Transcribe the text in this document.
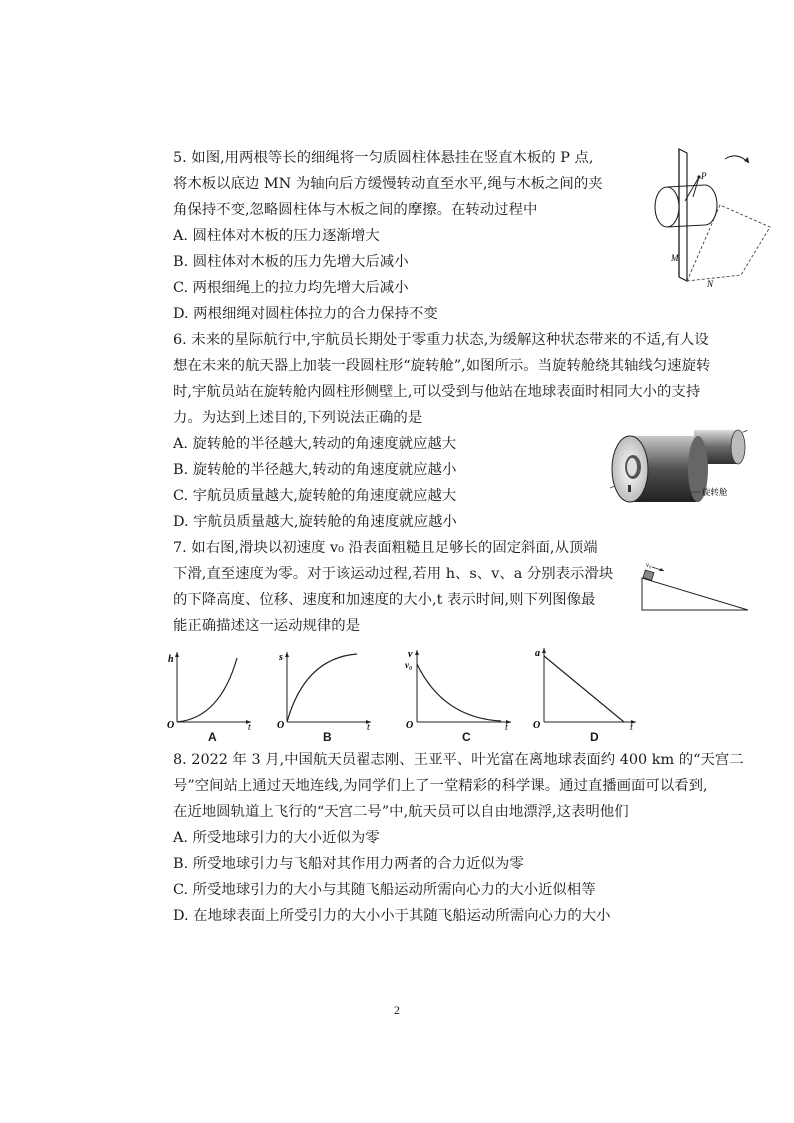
5. 如图,用两根等长的细绳将一匀质圆柱体悬挂在竖直木板的 P 点,
将木板以底边 MN 为轴向后方缓慢转动直至水平,绳与木板之间的夹
角保持不变,忽略圆柱体与木板之间的摩擦。在转动过程中
A. 圆柱体对木板的压力逐渐增大
B. 圆柱体对木板的压力先增大后减小
C. 两根细绳上的拉力均先增大后减小
D. 两根细绳对圆柱体拉力的合力保持不变
P
M
N
6. 未来的星际航行中,宇航员长期处于零重力状态,为缓解这种状态带来的不适,有人设
想在未来的航天器上加装一段圆柱形“旋转舱”,如图所示。当旋转舱绕其轴线匀速旋转
时,宇航员站在旋转舱内圆柱形侧壁上,可以受到与他站在地球表面时相同大小的支持
力。为达到上述目的,下列说法正确的是
A. 旋转舱的半径越大,转动的角速度就应越大
B. 旋转舱的半径越大,转动的角速度就应越小
C. 宇航员质量越大,旋转舱的角速度就应越大
D. 宇航员质量越大,旋转舱的角速度就应越小
旋转舱
7. 如右图,滑块以初速度 v₀ 沿表面粗糙且足够长的固定斜面,从顶端
下滑,直至速度为零。对于该运动过程,若用 h、s、v、a 分别表示滑块
的下降高度、位移、速度和加速度的大小,t 表示时间,则下列图像最
能正确描述这一运动规律的是
v₀
h
O	t
A
s
O	t
B
v
v₀
O	t
C
a
O	t
D
8. 2022 年 3 月,中国航天员翟志刚、王亚平、叶光富在离地球表面约 400 km 的“天宫二
号”空间站上通过天地连线,为同学们上了一堂精彩的科学课。通过直播画面可以看到,
在近地圆轨道上飞行的“天宫二号”中,航天员可以自由地漂浮,这表明他们
A. 所受地球引力的大小近似为零
B. 所受地球引力与飞船对其作用力两者的合力近似为零
C. 所受地球引力的大小与其随飞船运动所需向心力的大小近似相等
D. 在地球表面上所受引力的大小小于其随飞船运动所需向心力的大小
2
